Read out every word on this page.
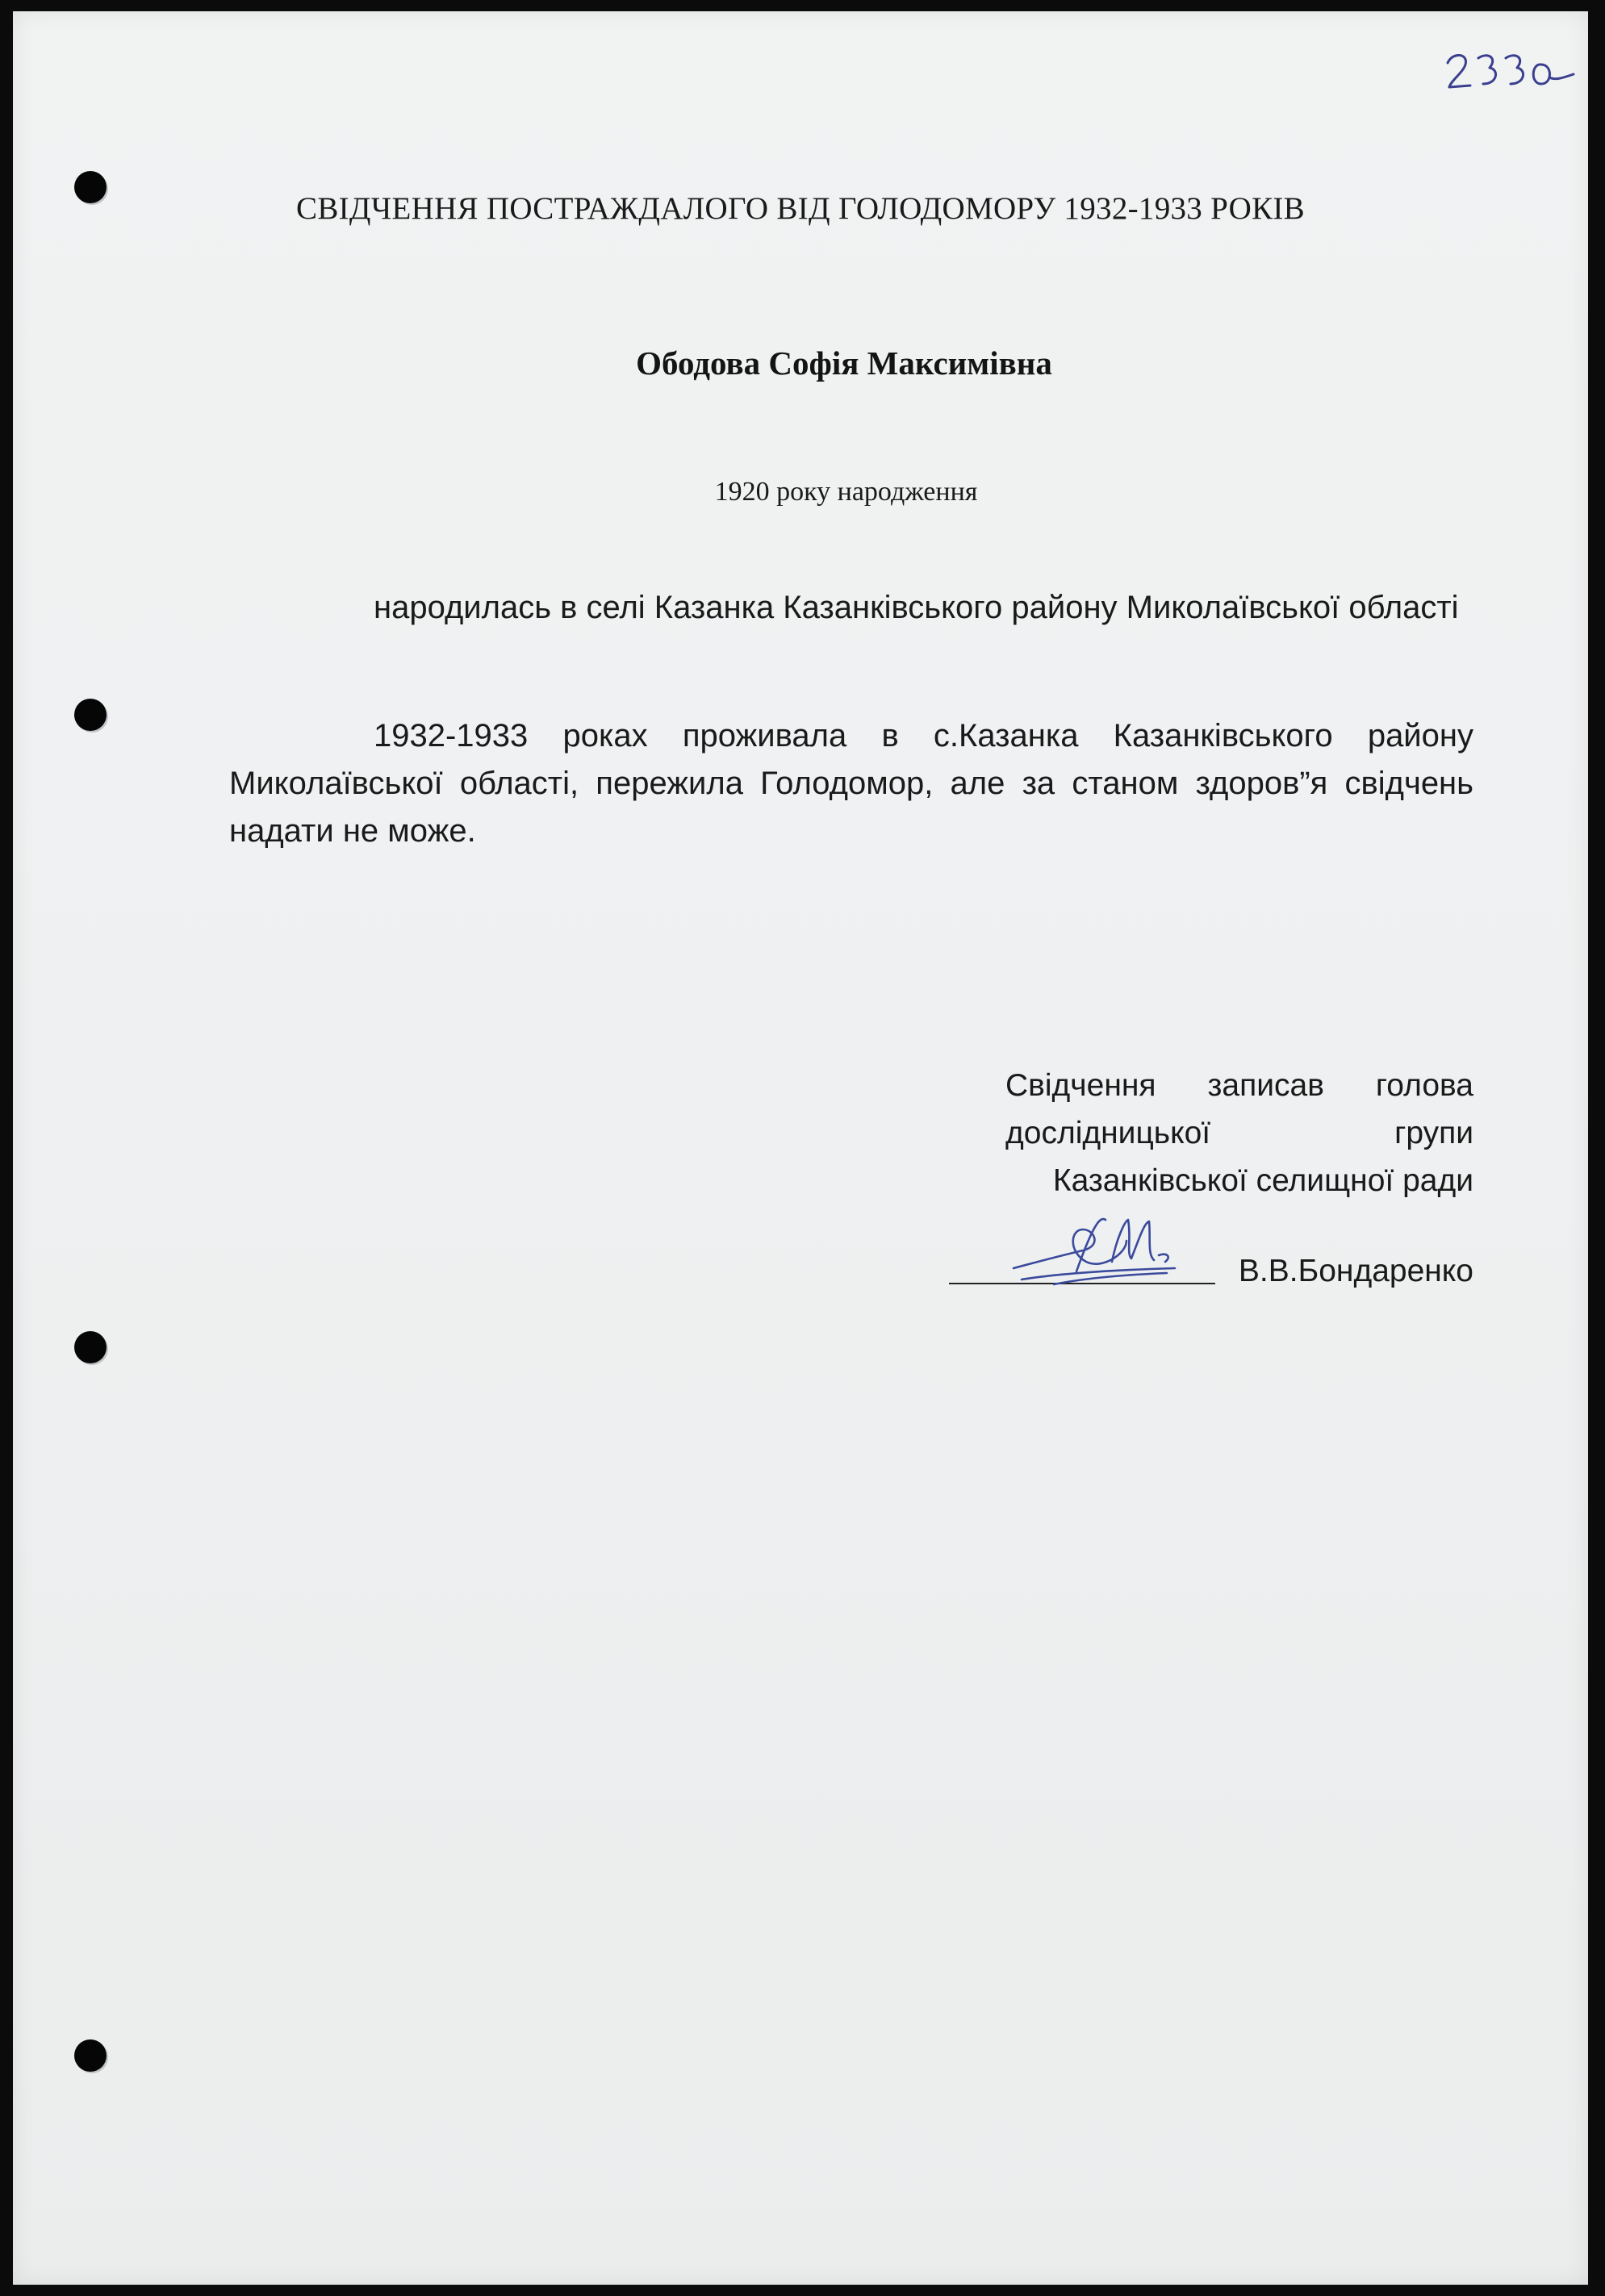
СВІДЧЕННЯ ПОСТРАЖДАЛОГО ВІД ГОЛОДОМОРУ 1932-1933 РОКІВ
Ободова Софія Максимівна
1920 року народження
народилась в селі Казанка Казанківського району Миколаївської області
1932-1933 роках проживала в с.Казанка Казанківського району Миколаївської області, пережила Голодомор, але за станом здоров”я свідчень надати не може.
Свідчення записав голова
дослідницької групи
Казанківської селищної ради
В.В.Бондаренко
